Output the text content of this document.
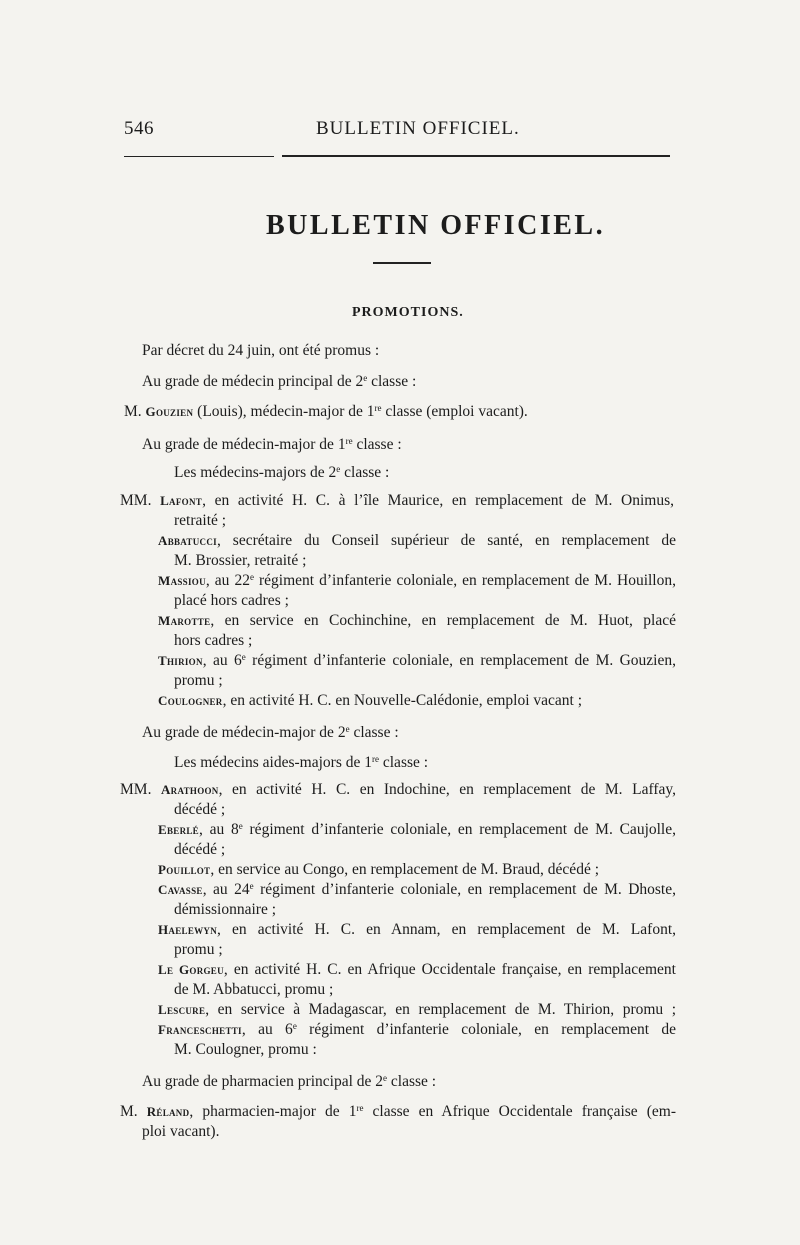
546	BULLETIN OFFICIEL.
BULLETIN OFFICIEL.
PROMOTIONS.
Par décret du 24 juin, ont été promus :
Au grade de médecin principal de 2e classe :
M. Gouzien (Louis), médecin-major de 1re classe (emploi vacant).
Au grade de médecin-major de 1re classe :
Les médecins-majors de 2e classe :
MM. Lafont, en activité H. C. à l’île Maurice, en remplacement de M. Onimus,
retraité ;
Abbatucci, secrétaire du Conseil supérieur de santé, en remplacement de
M. Brossier, retraité ;
Massiou, au 22e régiment d’infanterie coloniale, en remplacement de M. Houillon,
placé hors cadres ;
Marotte, en service en Cochinchine, en remplacement de M. Huot, placé
hors cadres ;
Thirion, au 6e régiment d’infanterie coloniale, en remplacement de M. Gouzien,
promu ;
Coulogner, en activité H. C. en Nouvelle-Calédonie, emploi vacant ;
Au grade de médecin-major de 2e classe :
Les médecins aides-majors de 1re classe :
MM. Arathoon, en activité H. C. en Indochine, en remplacement de M. Laffay,
décédé ;
Eberlé, au 8e régiment d’infanterie coloniale, en remplacement de M. Caujolle,
décédé ;
Pouillot, en service au Congo, en remplacement de M. Braud, décédé ;
Cavasse, au 24e régiment d’infanterie coloniale, en remplacement de M. Dhoste,
démissionnaire ;
Haelewyn, en activité H. C. en Annam, en remplacement de M. Lafont,
promu ;
Le Gorgeu, en activité H. C. en Afrique Occidentale française, en remplacement
de M. Abbatucci, promu ;
Lescure, en service à Madagascar, en remplacement de M. Thirion, promu ;
Franceschetti, au 6e régiment d’infanterie coloniale, en remplacement de
M. Coulogner, promu :
Au grade de pharmacien principal de 2e classe :
M. Réland, pharmacien-major de 1re classe en Afrique Occidentale française (em-
ploi vacant).
